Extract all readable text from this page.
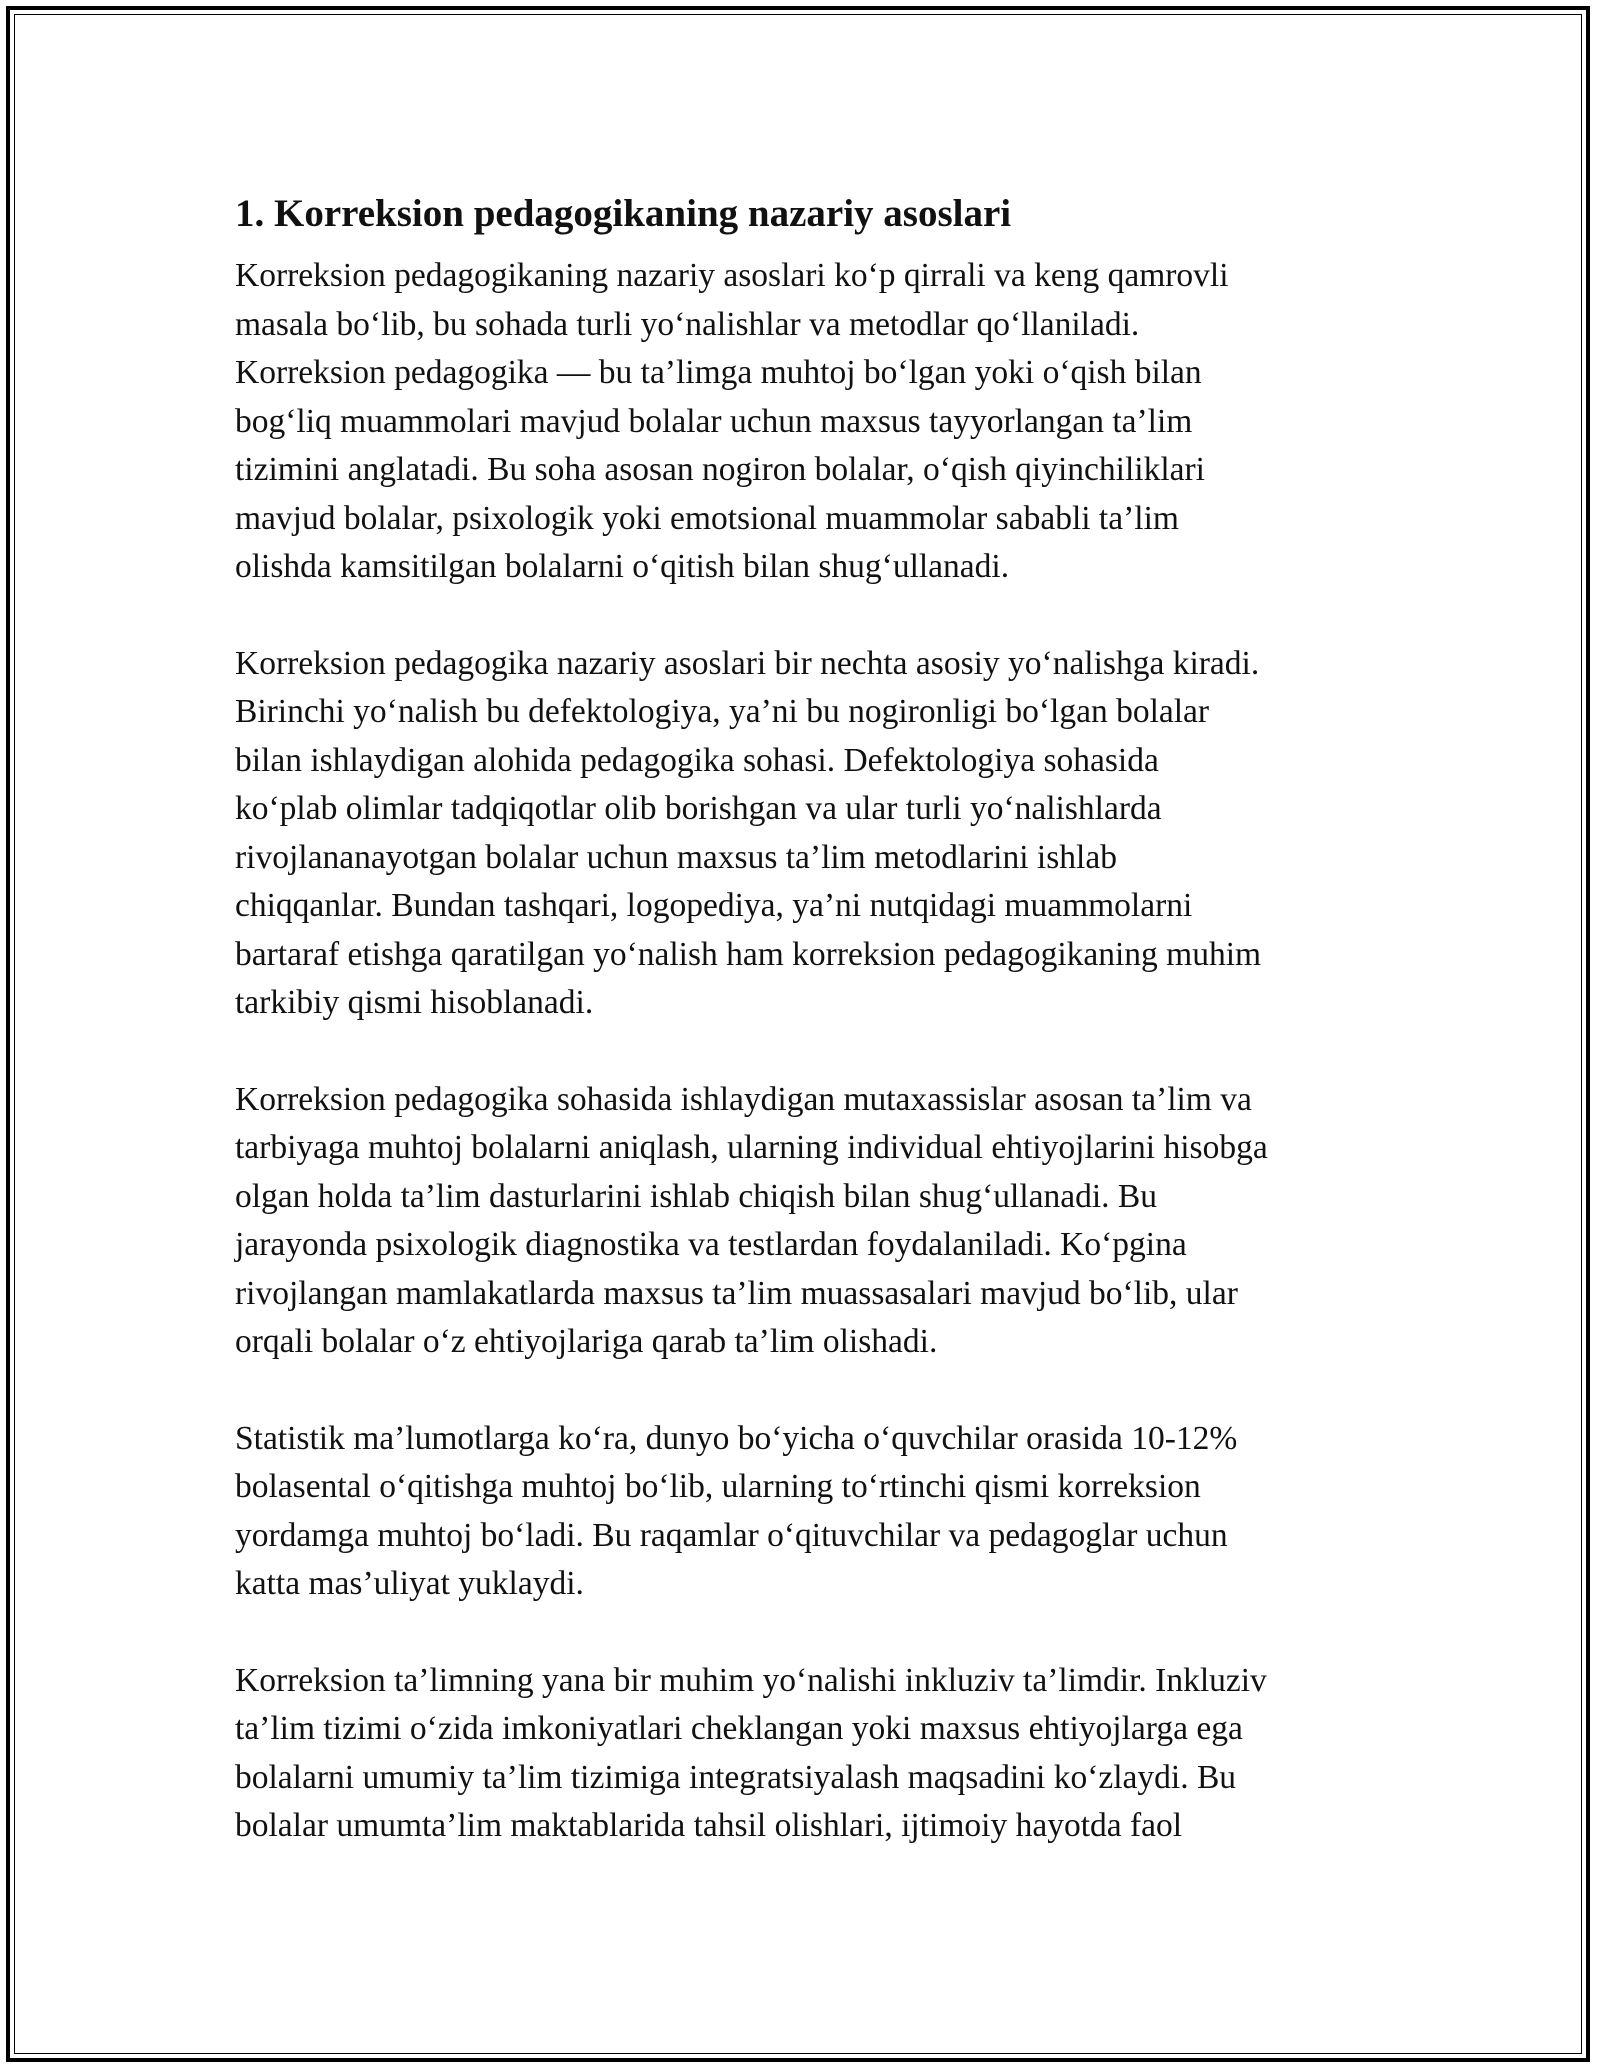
1. Korreksion pedagogikaning nazariy asoslari

Korreksion pedagogikaning nazariy asoslari ko‘p qirrali va keng qamrovli
masala bo‘lib, bu sohada turli yo‘nalishlar va metodlar qo‘llaniladi.
Korreksion pedagogika — bu ta’limga muhtoj bo‘lgan yoki o‘qish bilan
bog‘liq muammolari mavjud bolalar uchun maxsus tayyorlangan ta’lim
tizimini anglatadi. Bu soha asosan nogiron bolalar, o‘qish qiyinchiliklari
mavjud bolalar, psixologik yoki emotsional muammolar sababli ta’lim
olishda kamsitilgan bolalarni o‘qitish bilan shug‘ullanadi.

Korreksion pedagogika nazariy asoslari bir nechta asosiy yo‘nalishga kiradi.
Birinchi yo‘nalish bu defektologiya, ya’ni bu nogironligi bo‘lgan bolalar
bilan ishlaydigan alohida pedagogika sohasi. Defektologiya sohasida
ko‘plab olimlar tadqiqotlar olib borishgan va ular turli yo‘nalishlarda
rivojlananayotgan bolalar uchun maxsus ta’lim metodlarini ishlab
chiqqanlar. Bundan tashqari, logopediya, ya’ni nutqidagi muammolarni
bartaraf etishga qaratilgan yo‘nalish ham korreksion pedagogikaning muhim
tarkibiy qismi hisoblanadi.

Korreksion pedagogika sohasida ishlaydigan mutaxassislar asosan ta’lim va
tarbiyaga muhtoj bolalarni aniqlash, ularning individual ehtiyojlarini hisobga
olgan holda ta’lim dasturlarini ishlab chiqish bilan shug‘ullanadi. Bu
jarayonda psixologik diagnostika va testlardan foydalaniladi. Ko‘pgina
rivojlangan mamlakatlarda maxsus ta’lim muassasalari mavjud bo‘lib, ular
orqali bolalar o‘z ehtiyojlariga qarab ta’lim olishadi.

Statistik ma’lumotlarga ko‘ra, dunyo bo‘yicha o‘quvchilar orasida 10-12%
bolasental o‘qitishga muhtoj bo‘lib, ularning to‘rtinchi qismi korreksion
yordamga muhtoj bo‘ladi. Bu raqamlar o‘qituvchilar va pedagoglar uchun
katta mas’uliyat yuklaydi.

Korreksion ta’limning yana bir muhim yo‘nalishi inkluziv ta’limdir. Inkluziv
ta’lim tizimi o‘zida imkoniyatlari cheklangan yoki maxsus ehtiyojlarga ega
bolalarni umumiy ta’lim tizimiga integratsiyalash maqsadini ko‘zlaydi. Bu
bolalar umumta’lim maktablarida tahsil olishlari, ijtimoiy hayotda faol
